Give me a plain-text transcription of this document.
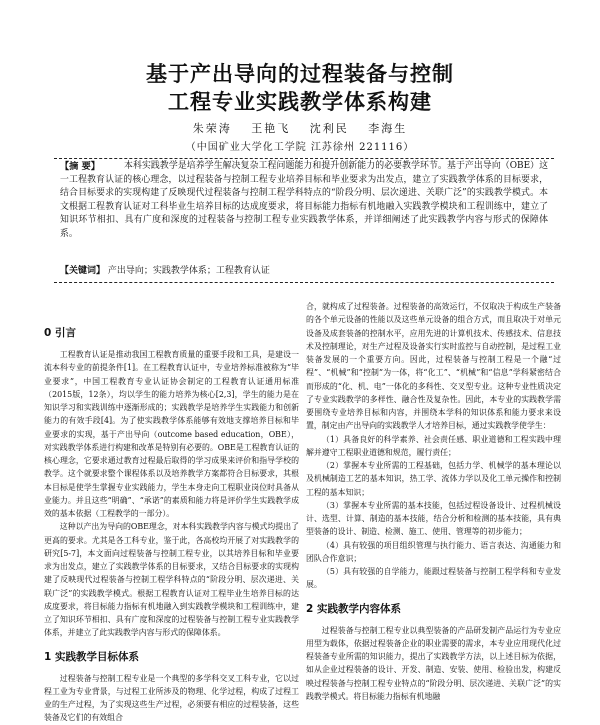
基于产出导向的过程装备与控制
工程专业实践教学体系构建
朱荣涛 王艳飞 沈利民 李海生
（中国矿业大学化工学院 江苏徐州 221116）
【摘 要】	本科实践教学是培养学生解决复杂工程问题能力和提升创新能力的必要教学环节。基于产出导向（OBE）这一工程教育认证的核心理念，以过程装备与控制工程专业培养目标和毕业要求为出发点，建立了实践教学体系的目标要求，结合目标要求的实现构建了反映现代过程装备与控制工程学科特点的“阶段分明、层次递进、关联广泛”的实践教学模式。本文根据工程教育认证对工科毕业生培养目标的达成度要求，将目标能力指标有机地融入实践教学模块和工程训练中，建立了知识环节相扣、具有广度和深度的过程装备与控制工程专业实践教学体系，并详细阐述了此实践教学内容与形式的保障体系。

【关键词】 产出导向；实践教学体系；工程教育认证
0 引言

工程教育认证是推动我国工程教育质量的重要手段和工具，是建设一流本科专业的前提条件[1]。在工程教育认证中，专业培养标准被称为“毕业要求”，中国工程教育专业认证协会制定的工程教育认证通用标准（2015版，12条），均以学生的能力培养为核心[2,3]，学生的能力是在知识学习和实践训练中逐渐形成的；实践教学是培养学生实践能力和创新能力的有效手段[4]。为了使实践教学体系能够有效地支撑培养目标和毕业要求的实现，基于产出导向（outcome based education，OBE），对实践教学体系进行构建和改革是特别有必要的。OBE是工程教育认证的核心理念，它要求通过教育过程最后取得的学习成果来评价和指导学校的教学。这个就要求整个课程体系以及培养教学方案都符合目标要求，其根本目标是使学生掌握专业实践能力，学生本身走向工程职业岗位时具备从业能力。并且这些“明确”、“承诺”的素质和能力将是评价学生实践教学成效的基本依据（工程教学的一部分）。

这种以产出为导向的OBE理念，对本科实践教学内容与模式均提出了更高的要求。尤其是各工科专业，鉴于此，各高校均开展了对实践教学的研究[5-7]，本文面向过程装备与控制工程专业，以其培养目标和毕业要求为出发点，建立了实践教学体系的目标要求，又结合目标要求的实现构建了反映现代过程装备与控制工程学科特点的“阶段分明、层次递进、关联广泛”的实践教学模式。根据工程教育认证对工程毕业生培养目标的达成度要求，将目标能力指标有机地融入到实践教学模块和工程训练中，建立了知识环节相扣、具有广度和深度的过程装备与控制工程专业实践教学体系，并建立了此实践教学内容与形式的保障体系。

1 实践教学目标体系

过程装备与控制工程专业是一个典型的多学科交叉工科专业，它以过程工业为专业背景，与过程工业所涉及的物理、化学过程，构成了过程工业的生产过程，为了实现这些生产过程，必须要有相应的过程装备，这些装备及它们的有效组合

合，就构成了过程装备。过程装备的高效运行，不仅取决于构成生产装备的各个单元设备的性能以及这些单元设备的组合方式，而且取决于对单元设备及成套装备的控制水平，应用先进的计算机技术、传感技术、信息技术及控制理论，对生产过程及设备实行实时监控与自动控制，是过程工业装备发展的一个重要方向。因此，过程装备与控制工程是一个融“过程”、“机械”和“控制”为一体，将“化工”、“机械”和“信息”学科紧密结合而形成的“化、机、电”一体化的多科性、交叉型专业。这种专业性质决定了专业实践教学的多样性、融合性及复杂性。因此，本专业的实践教学需要围绕专业培养目标和内容，并围绕本学科的知识体系和能力要求来设置，制定由产出导向的实践教学人才培养目标，通过实践教学使学生：

（1）具备良好的科学素养、社会责任感、职业道德和工程实践中理解并遵守工程职业道德和规范，履行责任；

（2）掌握本专业所需的工程基础，包括力学、机械学的基本理论以及机械制造工艺的基本知识，热工学、流体力学以及化工单元操作和控制工程的基本知识；

（3）掌握本专业所需的基本技能，包括过程设备设计、过程机械设计、选型、计算、制造的基本技能，结合分析和检测的基本技能，具有典型装备的设计、制造、检测、施工、使用、管理等的初步能力；

（4）具有较强的项目组织管理与执行能力、语言表达、沟通能力和团队合作意识；

（5）具有较强的自学能力，能跟过程装备与控制工程学科和专业发展。

2 实践教学内容体系

过程装备与控制工程专业以典型装备的产品研发制产品运行为专业应用型为载体，依据过程装备企业的职业需要的需求，本专业应用现代化过程装备专业所需的知识能力，提出了实践教学方法，以上述目标为依据，如从企业过程装备的设计、开发、制造、安装、使用、检验出发，构建反映过程装备与控制工程专业特点的“阶段分明、层次递进、关联广泛”的实践教学模式。将目标能力指标有机地融
